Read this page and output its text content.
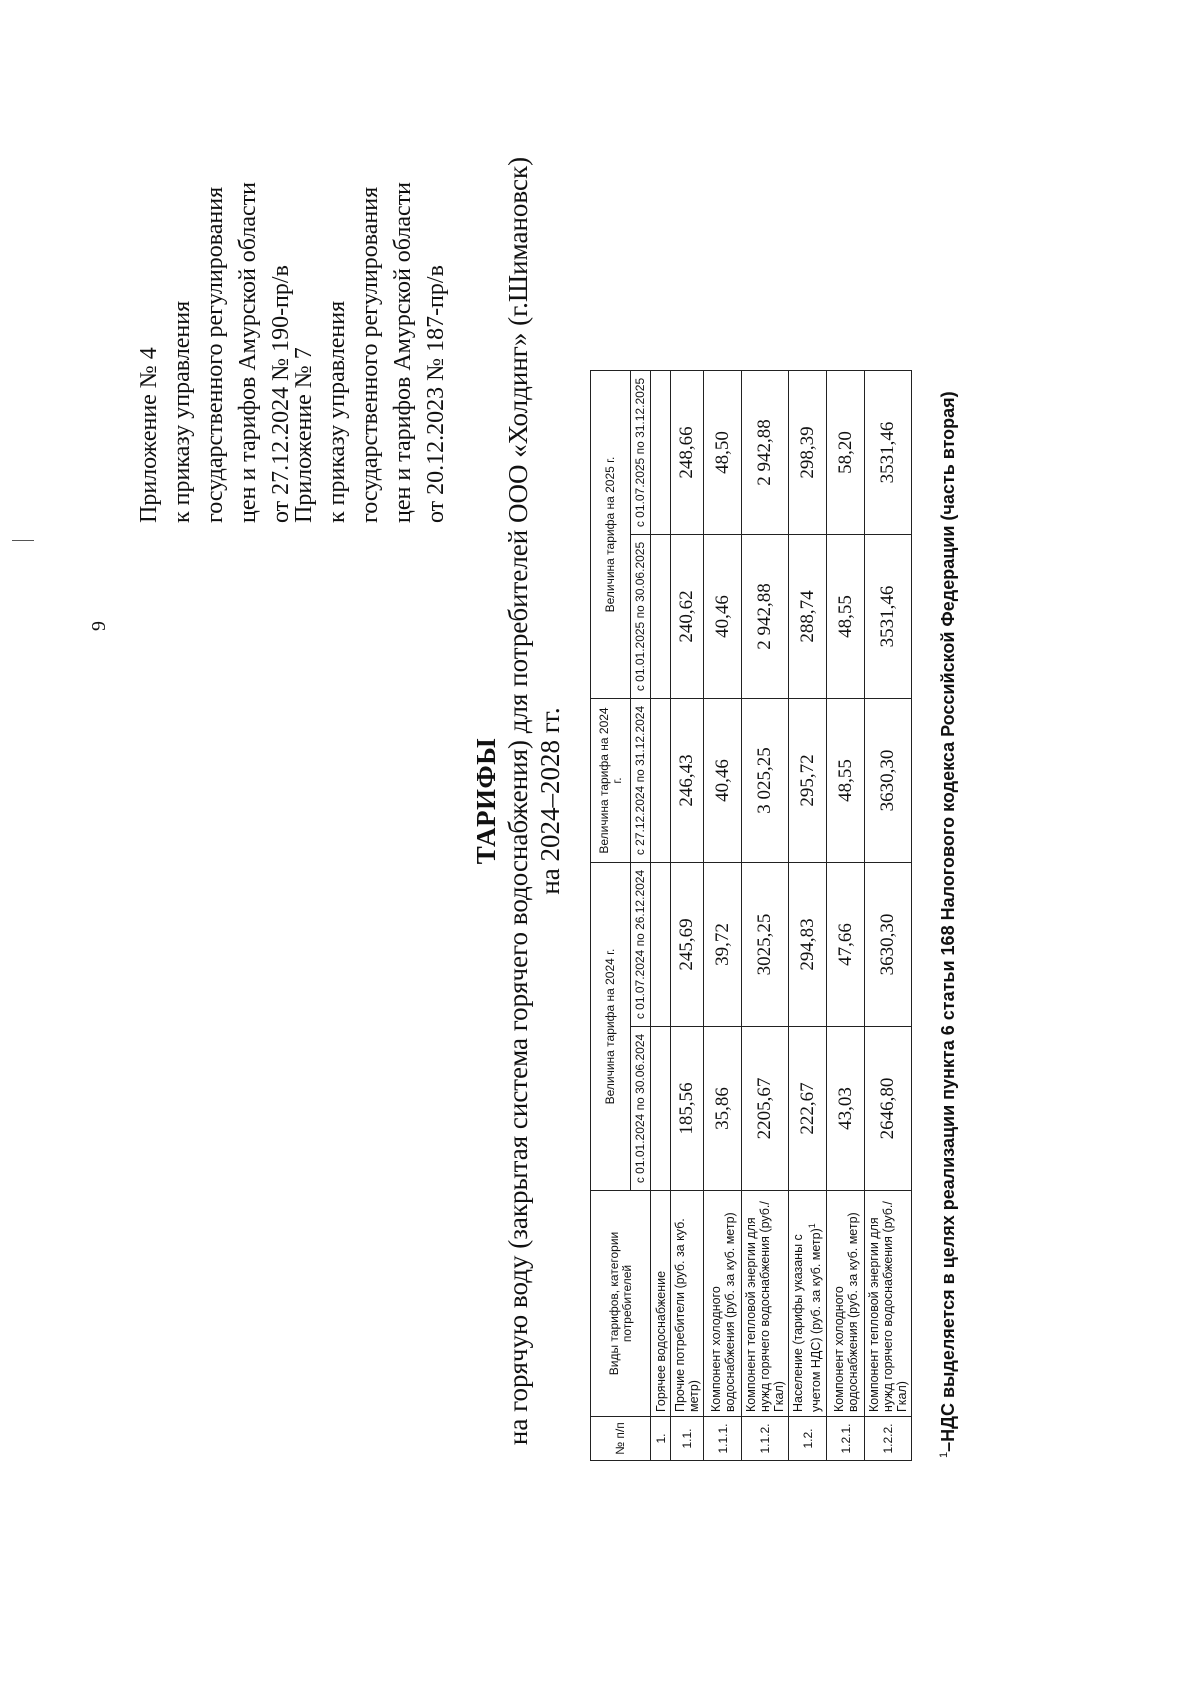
9
Приложение № 4 к приказу управления государственного регулирования цен и тарифов Амурской области от 27.12.2024 № 190-пр/в
Приложение № 7 к приказу управления государственного регулирования цен и тарифов Амурской области от 20.12.2023 № 187-пр/в
ТАРИФЫ на горячую воду (закрытая система горячего водоснабжения) для потребителей ООО «Холдинг» (г.Шимановск) на 2024–2028 гг.
№ п/п	Виды тарифов, категории потребителей	Величина тарифа на 2024 г.		Величина тарифа на 2024 г.	Величина тарифа на 2025 г.	
		с 01.01.2024 по 30.06.2024	с 01.07.2024 по 26.12.2024	с 27.12.2024 по 31.12.2024	с 01.01.2025 по 30.06.2025	с 01.07.2025 по 31.12.2025
1.	Горячее водоснабжение					
1.1.	Прочие потребители (руб. за куб. метр)	185,56	245,69	246,43	240,62	248,66
1.1.1.	Компонент холодного водоснабжения (руб. за куб. метр)	35,86	39,72	40,46	40,46	48,50
1.1.2.	Компонент тепловой энергии для нужд горячего водоснабжения (руб./Гкал)	2205,67	3025,25	3 025,25	2 942,88	2 942,88
1.2.	Население (тарифы указаны с учетом НДС) (руб. за куб. метр)$^1$	222,67	294,83	295,72	288,74	298,39
1.2.1.	Компонент холодного водоснабжения (руб. за куб. метр)	43,03	47,66	48,55	48,55	58,20
1.2.2.	Компонент тепловой энергии для нужд горячего водоснабжения (руб./Гкал)	2646,80	3630,30	3630,30	3531,46	3531,46
$^1$–НДС выделяется в целях реализации пункта 6 статьи 168 Налогового кодекса Российской Федерации (часть вторая)
